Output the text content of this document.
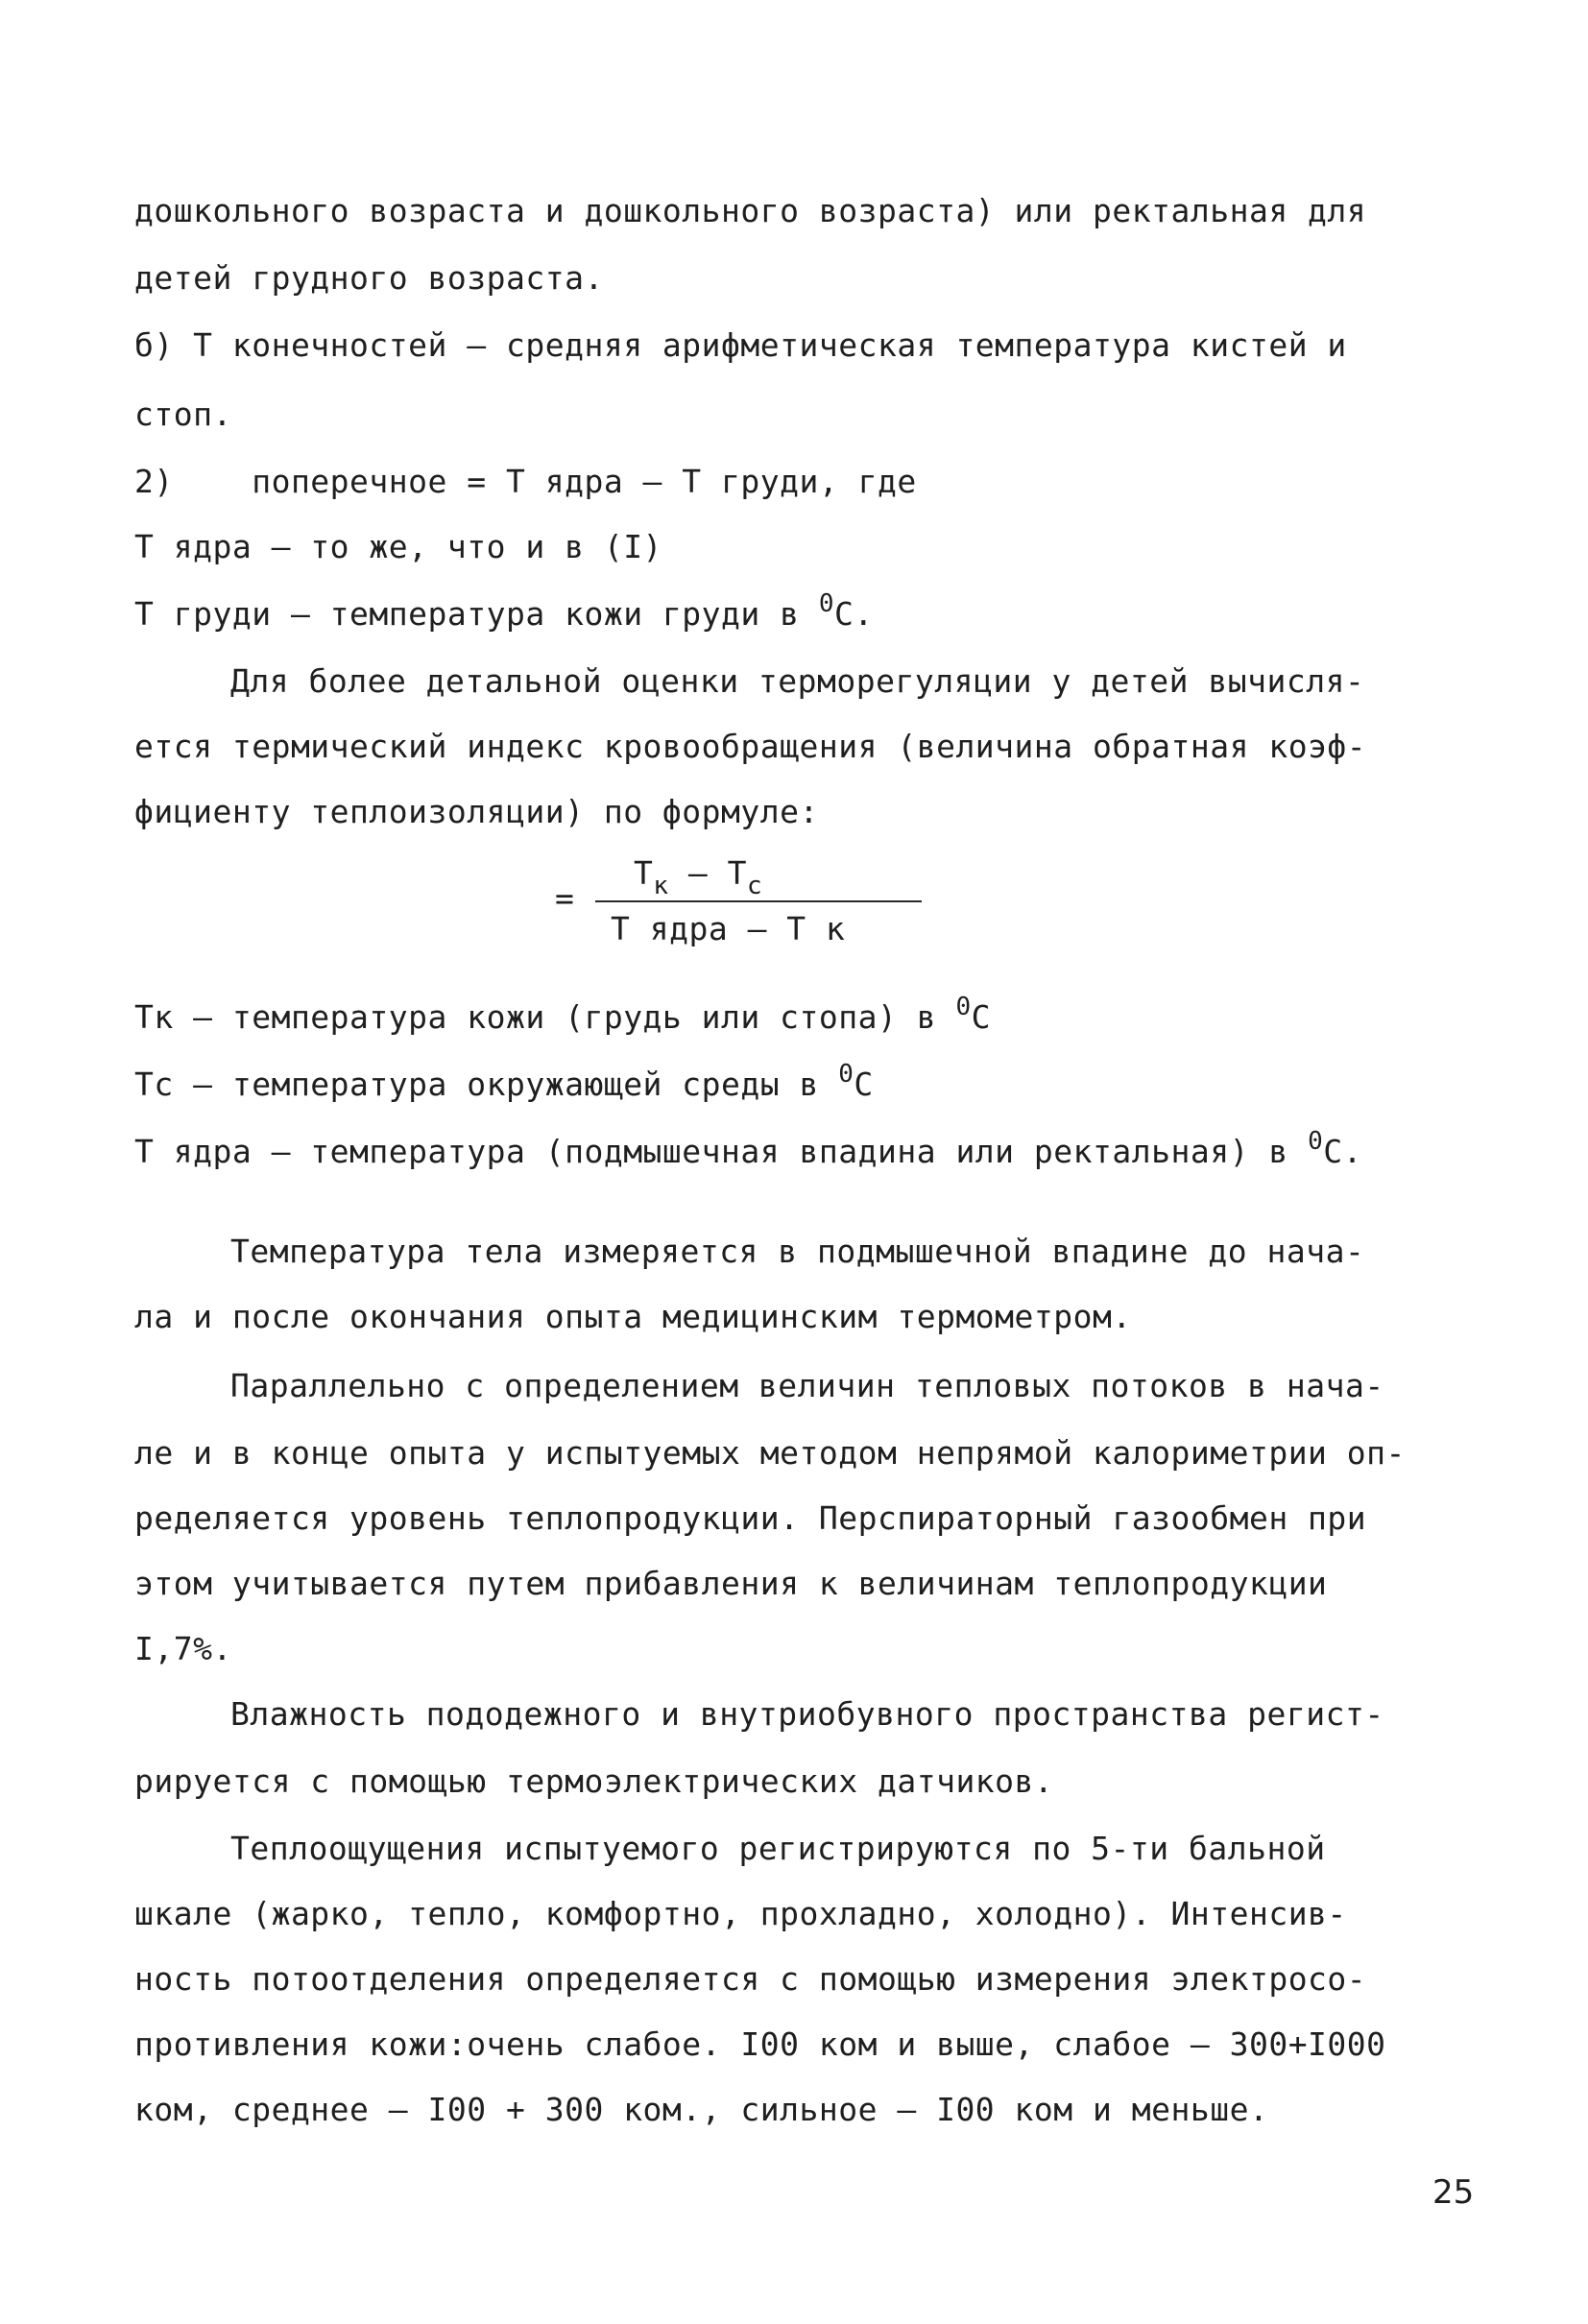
дошкольного возраста и дошкольного возраста) или ректальная для
детей грудного возраста.
б) Т конечностей – средняя арифметическая температура кистей и
стоп.
2)    поперечное = Т ядра – Т груди, где
Т ядра – то же, что и в (I)
Т груди – температура кожи груди в $^0$С.
Для более детальной оценки терморегуляции у детей вычисля-
ется термический индекс кровообращения (величина обратная коэф-
фициенту теплоизоляции) по формуле:
=
$Т_к - Т_с$
Т ядра – Т к
Тк – температура кожи (грудь или стопа) в $^0$С
Тс – температура окружающей среды в $^0$С
Т ядра – температура (подмышечная впадина или ректальная) в $^0$С.
Температура тела измеряется в подмышечной впадине до нача-
ла и после окончания опыта медицинским термометром.
Параллельно с определением величин тепловых потоков в нача-
ле и в конце опыта у испытуемых методом непрямой калориметрии оп-
ределяется уровень теплопродукции. Перспираторный газообмен при
этом учитывается путем прибавления к величинам теплопродукции
I,7%.
Влажность пододежного и внутриобувного пространства регист-
рируется с помощью термоэлектрических датчиков.
Теплоощущения испытуемого регистрируются по 5-ти бальной
шкале (жарко, тепло, комфортно, прохладно, холодно). Интенсив-
ность потоотделения определяется с помощью измерения электросо-
противления кожи:очень слабое. I00 ком и выше, слабое – 300+I000
ком, среднее – I00 + 300 ком., сильное – I00 ком и меньше.
25
